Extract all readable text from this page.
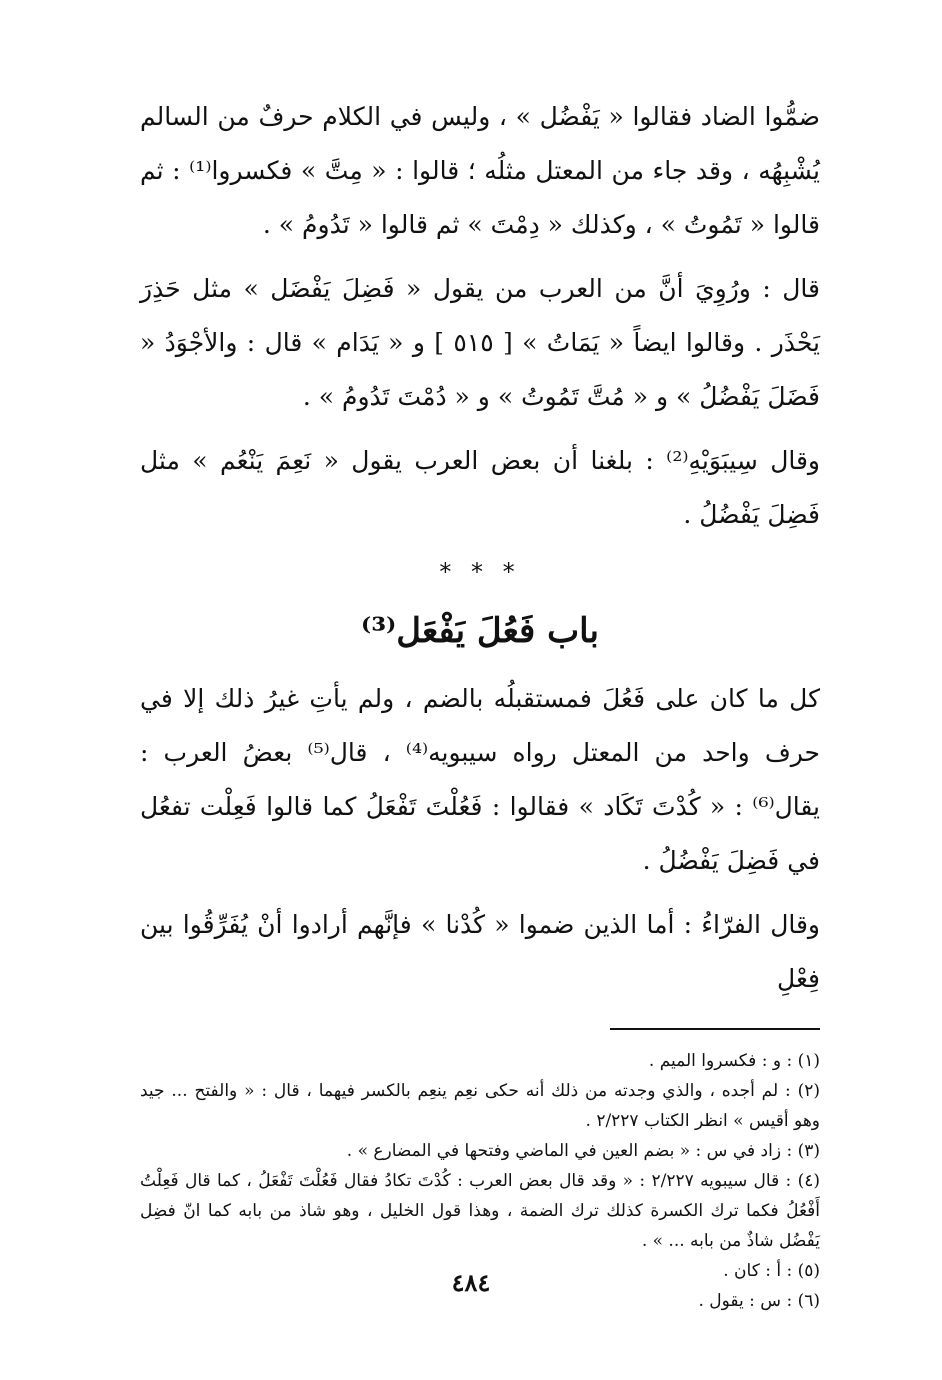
ضمُّوا الضاد فقالوا « يَفْضُل » ، وليس في الكلام حرفٌ من السالم يُشْبِهُه ، وقد جاء من المعتل مثلُه ؛ قالوا : « مِتَّ » فكسروا⁽¹⁾ : ثم قالوا « تَمُوتُ » ، وكذلك « دِمْتَ » ثم قالوا « تَدُومُ » .

قال : ورُوِيَ أنَّ من العرب من يقول « فَضِلَ يَفْضَل » مثل حَذِرَ يَحْذَر . وقالوا ايضاً « يَمَاتُ » [ ٥١٥ ] و « يَدَام » قال : والأجْوَدُ « فَضَلَ يَفْضُلُ » و « مُتَّ تَمُوتُ » و « دُمْتَ تَدُومُ » .

وقال سِيبَوَيْهِ⁽²⁾ : بلغنا أن بعض العرب يقول « نَعِمَ يَنْعُم » مثل فَضِلَ يَفْضُلُ .

* * *
باب فَعُلَ يَفْعَل⁽³⁾

كل ما كان على فَعُلَ فمستقبلُه بالضم ، ولم يأتِ غيرُ ذلك إلا في حرف واحد من المعتل رواه سيبويه⁽⁴⁾ ، قال⁽⁵⁾ بعضُ العرب : يقال⁽⁶⁾ : « كُدْتَ تَكَاد » فقالوا : فَعُلْتَ تَفْعَلُ كما قالوا فَعِلْت تفعُل في فَضِلَ يَفْضُلُ .

وقال الفرّاءُ : أما الذين ضموا « كُدْنا » فإنَّهم أرادوا أنْ يُفَرِّقُوا بين فِعْلِ

(١) : و : فكسروا الميم .

(٢) : لم أجده ، والذي وجدته من ذلك أنه حكى نعِم ينعِم بالكسر فيهما ، قال : « والفتح ... جيد وهو أقيس » انظر الكتاب ٢/٢٢٧ .

(٣) : زاد في س : « بضم العين في الماضي وفتحها في المضارع » .

(٤) : قال سيبويه ٢/٢٢٧ : « وقد قال بعض العرب : كُدْتَ تكادُ فقال فَعُلْتَ تَفْعَلُ ، كما قال فَعِلْتُ أَفْعُلُ فكما ترك الكسرة كذلك ترك الضمة ، وهذا قول الخليل ، وهو شاذ من بابه كما انّ فضِل يَفْضُل شاذٌ من بابه ... » .

(٥) : أ : كان .

(٦) : س : يقول .

٤٨٤
